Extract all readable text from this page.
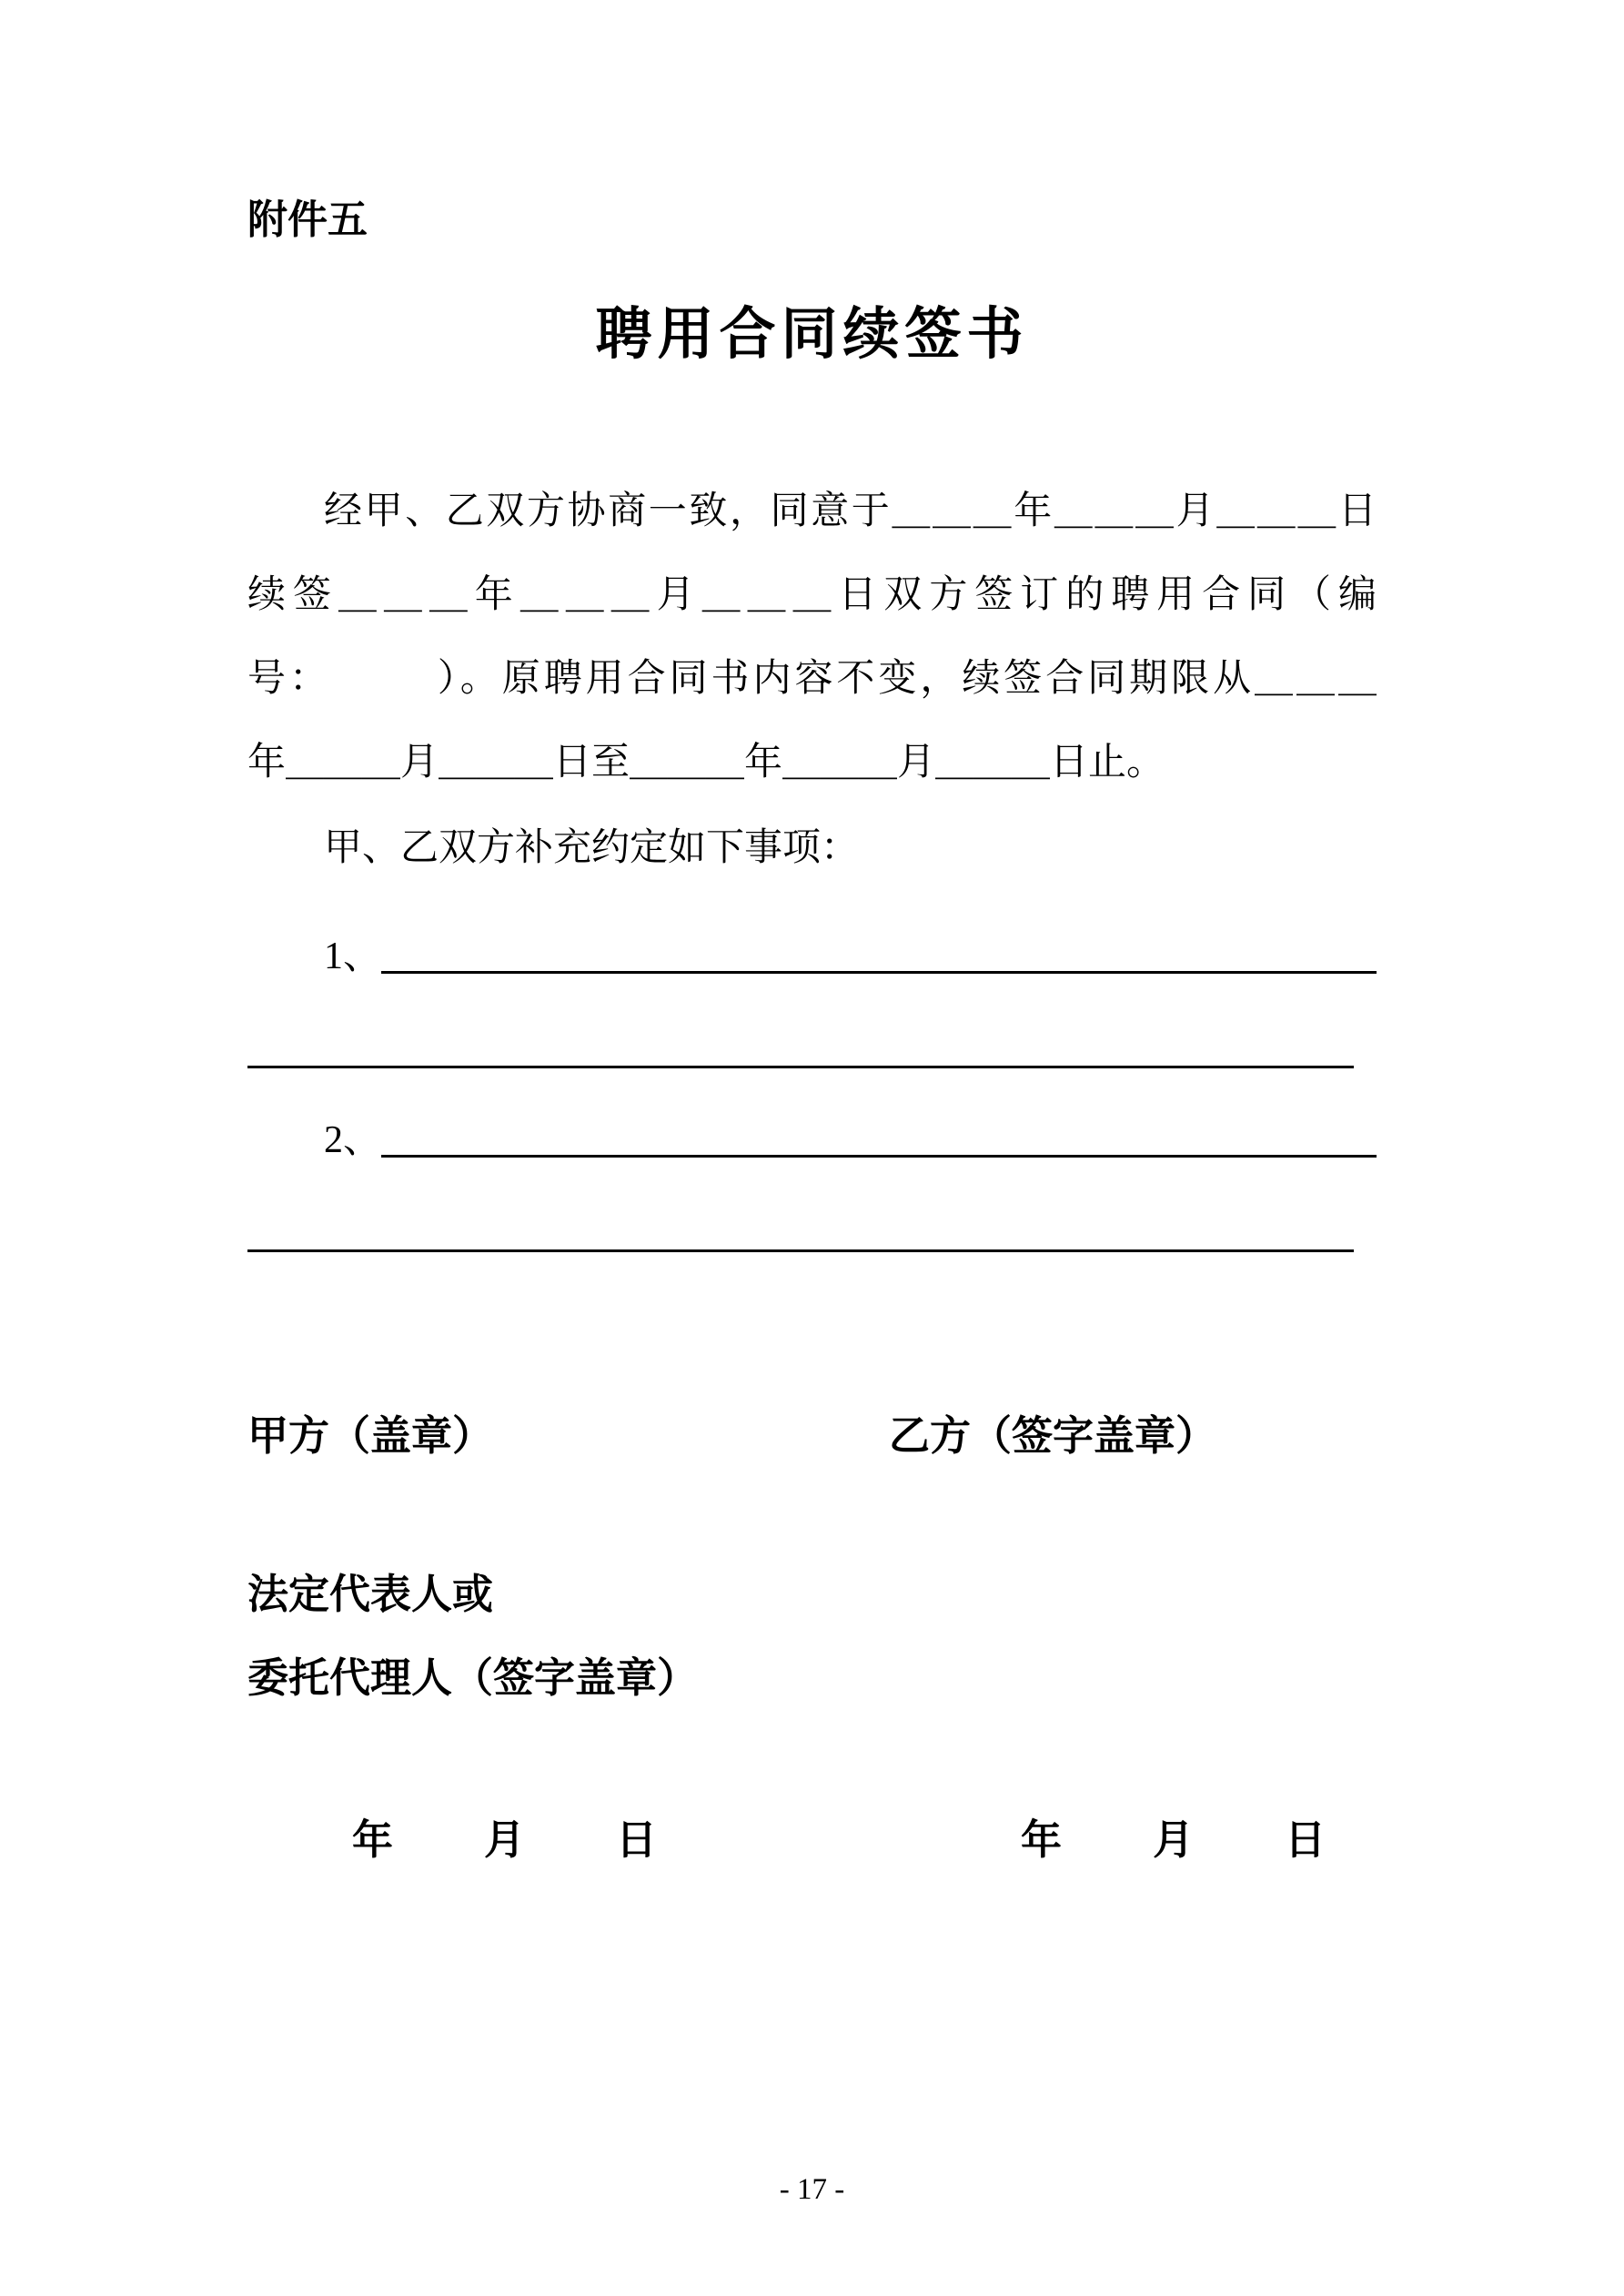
附件五
聘用合同续签书
经甲、乙双方协商一致，同意于＿＿＿年＿＿＿月＿＿＿日
续签＿＿＿年＿＿＿月＿＿＿日双方签订的聘用合同（编
号：　　　）。原聘用合同书内容不变，续签合同期限从＿＿＿
年＿＿＿月＿＿＿日至＿＿＿年＿＿＿月＿＿＿日止。
甲、乙双方补充约定如下事项：
1、
2、
甲方（盖章）	乙方（签字盖章）
法定代表人或
委托代理人（签字盖章）
年 月 日	年 月 日
- 17 -
